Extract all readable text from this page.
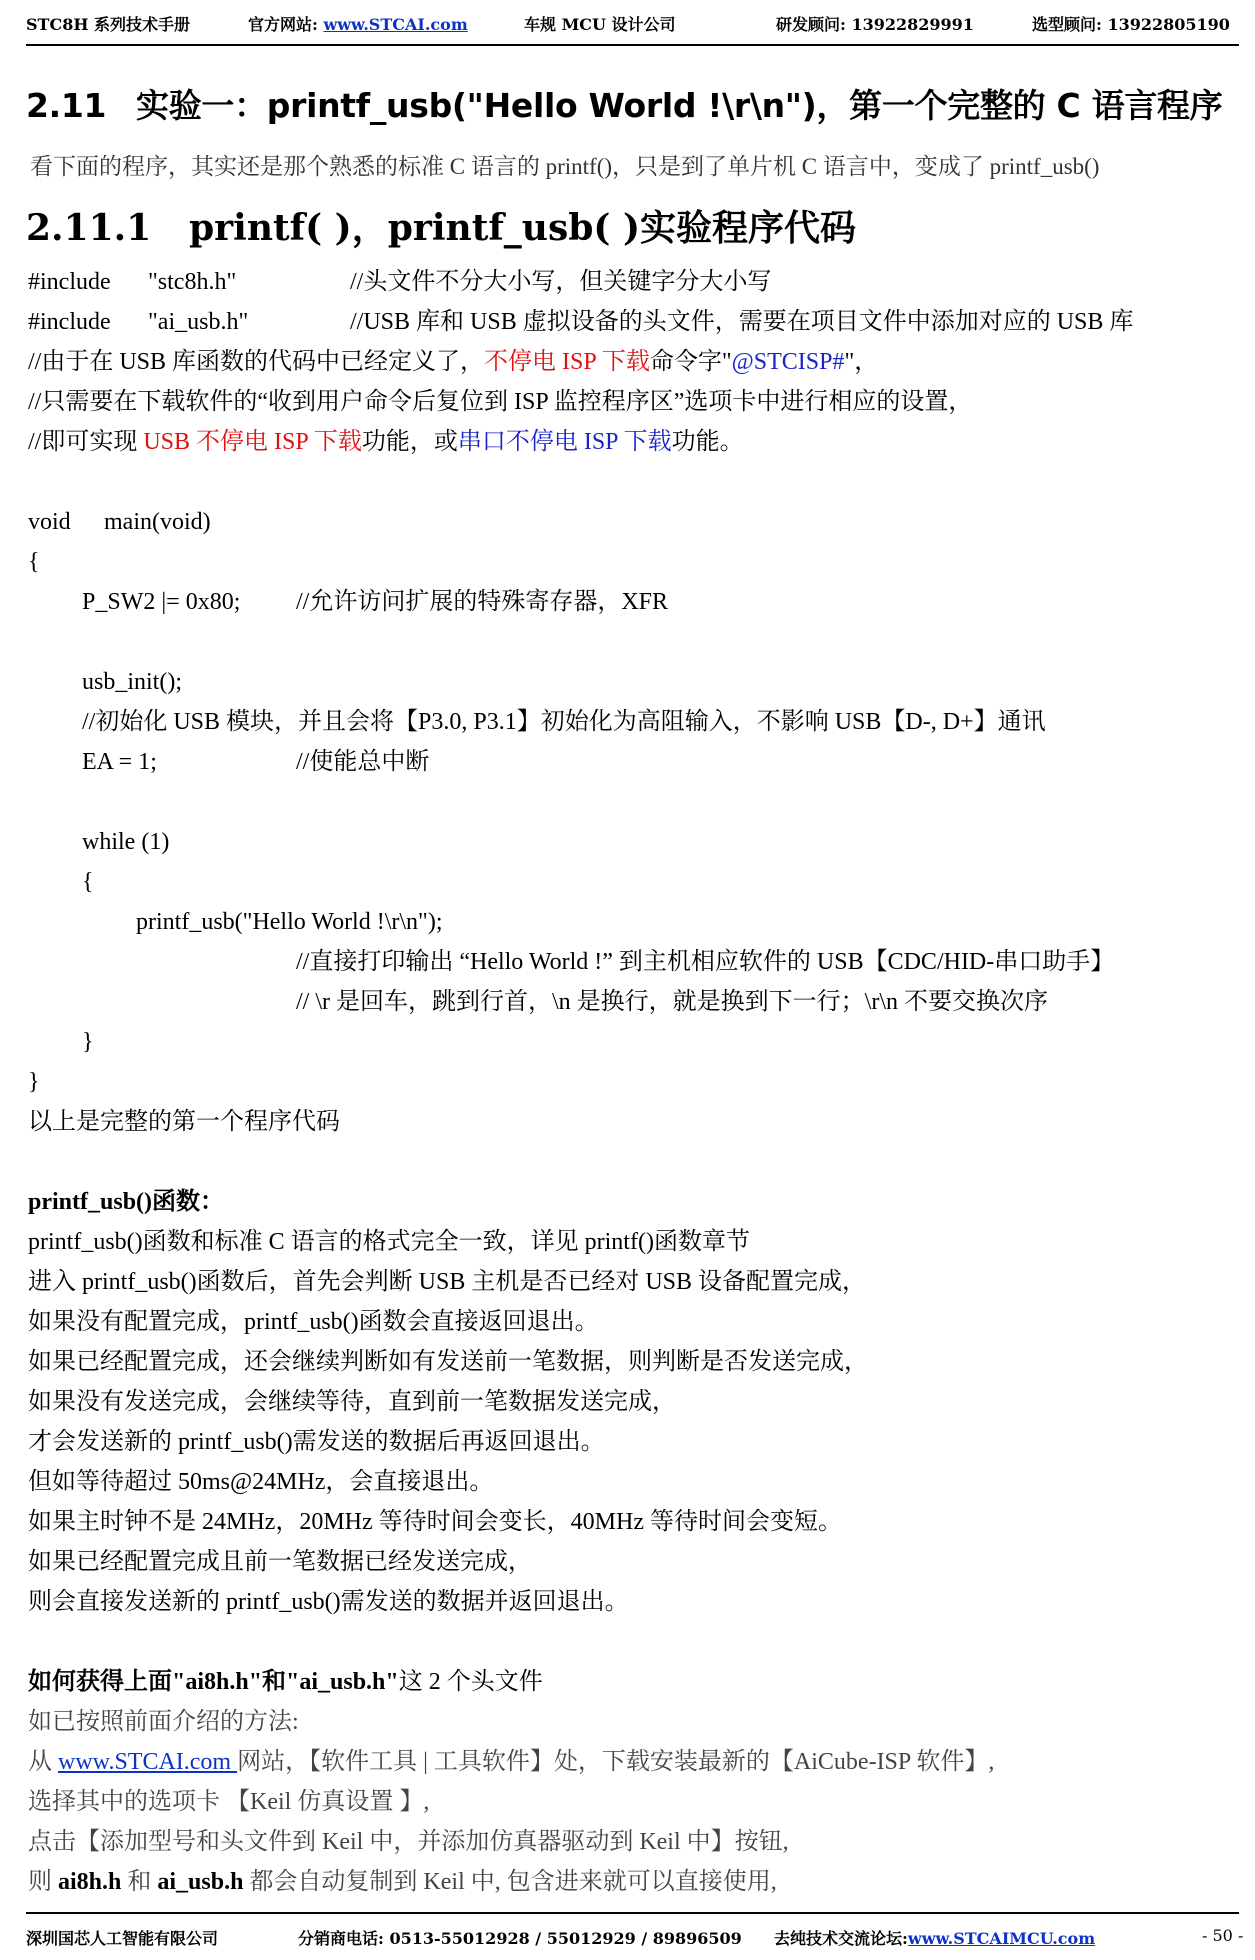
STC8H 系列技术手册	官方网站: www.STCAI.com	车规 MCU 设计公司	研发顾问: 13922829991	选型顾问: 13922805190
2.11 实验一：printf_usb("Hello World !\r\n")，第一个完整的 C 语言程序
看下面的程序，其实还是那个熟悉的标准 C 语言的 printf()，只是到了单片机 C 语言中，变成了 printf_usb()
2.11.1 printf( )，printf_usb( )实验程序代码
#include "stc8h.h"	//头文件不分大小写，但关键字分大小写
#include "ai_usb.h"	//USB 库和 USB 虚拟设备的头文件，需要在项目文件中添加对应的 USB 库
//由于在 USB 库函数的代码中已经定义了，不停电 ISP 下载命令字"@STCISP#"，
//只需要在下载软件的“收到用户命令后复位到 ISP 监控程序区”选项卡中进行相应的设置，
//即可实现 USB 不停电 ISP 下载功能，或串口不停电 ISP 下载功能。
void main(void)
{
P_SW2 |= 0x80; //允许访问扩展的特殊寄存器，XFR
usb_init();
//初始化 USB 模块，并且会将【P3.0, P3.1】初始化为高阻输入，不影响 USB【D-, D+】通讯
EA = 1;	//使能总中断
while (1)
{
printf_usb("Hello World !\r\n");
//直接打印输出 “Hello World !” 到主机相应软件的 USB【CDC/HID-串口助手】
// \r 是回车，跳到行首，\n 是换行，就是换到下一行；\r\n 不要交换次序
}
}
以上是完整的第一个程序代码
printf_usb()函数：
printf_usb()函数和标准 C 语言的格式完全一致，详见 printf()函数章节
进入 printf_usb()函数后，首先会判断 USB 主机是否已经对 USB 设备配置完成，
如果没有配置完成，printf_usb()函数会直接返回退出。
如果已经配置完成，还会继续判断如有发送前一笔数据，则判断是否发送完成，
如果没有发送完成，会继续等待，直到前一笔数据发送完成，
才会发送新的 printf_usb()需发送的数据后再返回退出。
但如等待超过 50ms@24MHz，会直接退出。
如果主时钟不是 24MHz，20MHz 等待时间会变长，40MHz 等待时间会变短。
如果已经配置完成且前一笔数据已经发送完成，
则会直接发送新的 printf_usb()需发送的数据并返回退出。
如何获得上面"ai8h.h"和"ai_usb.h"这 2 个头文件
如已按照前面介绍的方法:
从 www.STCAI.com 网站，【软件工具 | 工具软件】处，下载安装最新的【AiCube-ISP 软件】,
选择其中的选项卡 【Keil 仿真设置 】,
点击【添加型号和头文件到 Keil 中，并添加仿真器驱动到 Keil 中】按钮,
则 ai8h.h 和 ai_usb.h 都会自动复制到 Keil 中, 包含进来就可以直接使用,
深圳国芯人工智能有限公司	分销商电话: 0513-55012928 / 55012929 / 89896509 去纯技术交流论坛:www.STCAIMCU.com	- 50 -
